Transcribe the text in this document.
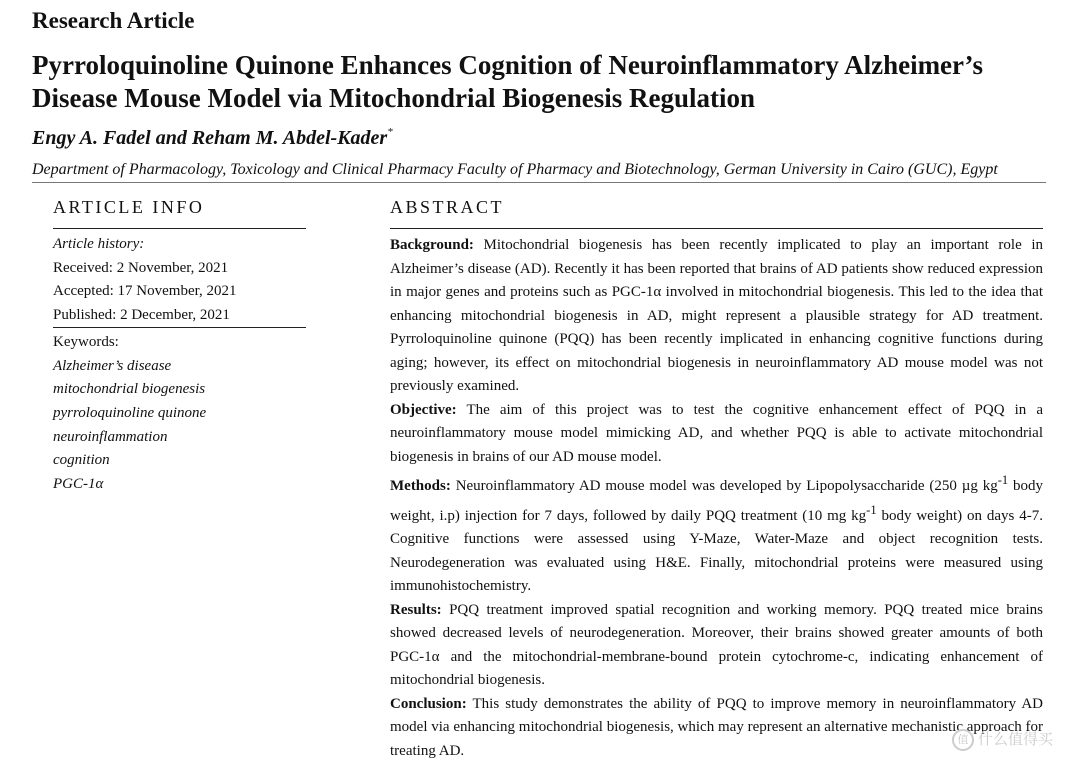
Research Article
Pyrroloquinoline Quinone Enhances Cognition of Neuroinflammatory Alzheimer’s Disease Mouse Model via Mitochondrial Biogenesis Regulation
Engy A. Fadel and Reham M. Abdel-Kader*
Department of Pharmacology, Toxicology and Clinical Pharmacy Faculty of Pharmacy and Biotechnology, German University in Cairo (GUC), Egypt
ARTICLE INFO
Article history:
Received: 2 November, 2021
Accepted: 17 November, 2021
Published: 2 December, 2021
Keywords:
Alzheimer’s disease
mitochondrial biogenesis
pyrroloquinoline quinone
neuroinflammation
cognition
PGC-1α
ABSTRACT

Background: Mitochondrial biogenesis has been recently implicated to play an important role in Alzheimer’s disease (AD). Recently it has been reported that brains of AD patients show reduced expression in major genes and proteins such as PGC-1α involved in mitochondrial biogenesis. This led to the idea that enhancing mitochondrial biogenesis in AD, might represent a plausible strategy for AD treatment. Pyrroloquinoline quinone (PQQ) has been recently implicated in enhancing cognitive functions during aging; however, its effect on mitochondrial biogenesis in neuroinflammatory AD mouse model was not previously examined.

Objective: The aim of this project was to test the cognitive enhancement effect of PQQ in a neuroinflammatory mouse model mimicking AD, and whether PQQ is able to activate mitochondrial biogenesis in brains of our AD mouse model.

Methods: Neuroinflammatory AD mouse model was developed by Lipopolysaccharide (250 µg $kg^{-1}$ body weight, i.p) injection for 7 days, followed by daily PQQ treatment (10 mg $kg^{-1}$ body weight) on days 4-7. Cognitive functions were assessed using Y-Maze, Water-Maze and object recognition tests. Neurodegeneration was evaluated using H&E. Finally, mitochondrial proteins were measured using immunohistochemistry.

Results: PQQ treatment improved spatial recognition and working memory. PQQ treated mice brains showed decreased levels of neurodegeneration. Moreover, their brains showed greater amounts of both PGC-1α and the mitochondrial-membrane-bound protein cytochrome-c, indicating enhancement of mitochondrial biogenesis.

Conclusion: This study demonstrates the ability of PQQ to improve memory in neuroinflammatory AD model via enhancing mitochondrial biogenesis, which may represent an alternative mechanistic approach for treating AD.

值 什么值得买
